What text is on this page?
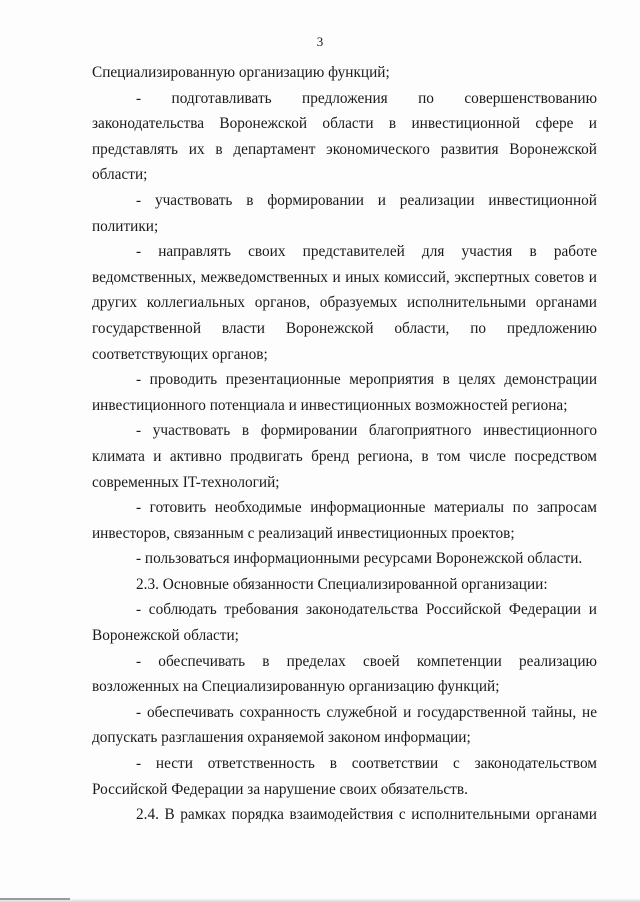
3

Специализированную организацию функций;

- подготавливать предложения по совершенствованию законодательства Воронежской области в инвестиционной сфере и представлять их в департамент экономического развития Воронежской области;

- участвовать в формировании и реализации инвестиционной политики;

- направлять своих представителей для участия в работе ведомственных, межведомственных и иных комиссий, экспертных советов и других коллегиальных органов, образуемых исполнительными органами государственной власти Воронежской области, по предложению соответствующих органов;

- проводить презентационные мероприятия в целях демонстрации инвестиционного потенциала и инвестиционных возможностей региона;

- участвовать в формировании благоприятного инвестиционного климата и активно продвигать бренд региона, в том числе посредством современных IT-технологий;

- готовить необходимые информационные материалы по запросам инвесторов, связанным с реализаций инвестиционных проектов;

- пользоваться информационными ресурсами Воронежской области.

2.3. Основные обязанности Специализированной организации:

- соблюдать требования законодательства Российской Федерации и Воронежской области;

- обеспечивать в пределах своей компетенции реализацию возложенных на Специализированную организацию функций;

- обеспечивать сохранность служебной и государственной тайны, не допускать разглашения охраняемой законом информации;

- нести ответственность в соответствии с законодательством Российской Федерации за нарушение своих обязательств.

2.4. В рамках порядка взаимодействия с исполнительными органами
